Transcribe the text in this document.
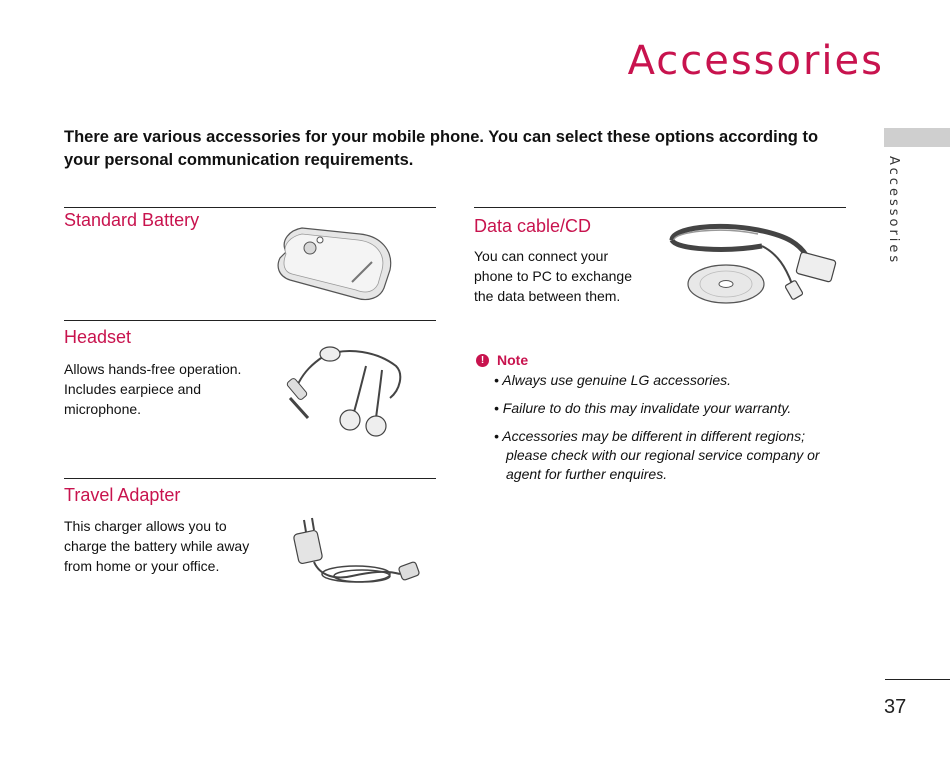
Accessories

There are various accessories for your mobile phone. You can select these options according to your personal communication requirements.	Accessories
Standard Battery
Headset

Allows hands-free operation. Includes earpiece and microphone.

Travel Adapter

This charger allows you to charge the battery while away from home or your office.

Data cable/CD

You can connect your phone to PC to exchange the data between them.

! Note
• Always use genuine LG accessories.
• Failure to do this may invalidate your warranty.
• Accessories may be different in different regions; please check with our regional service company or agent for further enquires.
37
